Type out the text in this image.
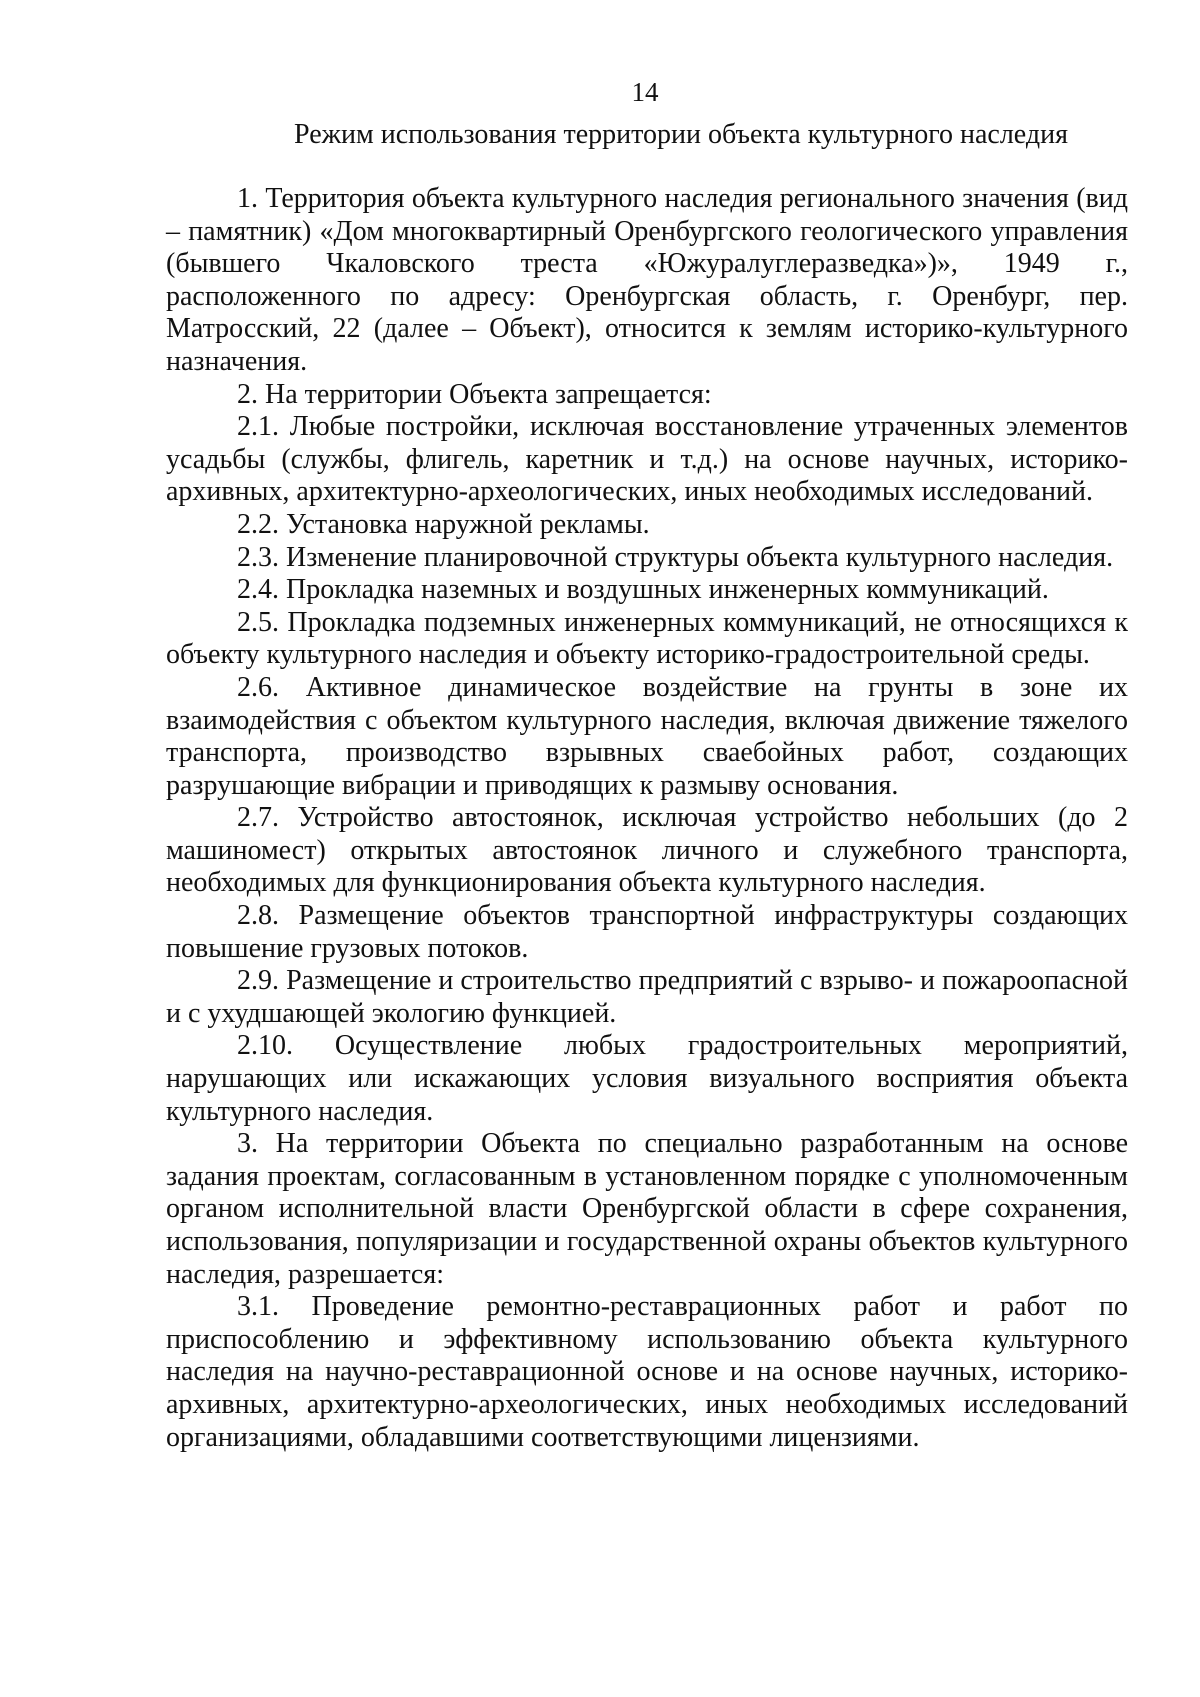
14
Режим использования территории объекта культурного наследия

1. Территория объекта культурного наследия регионального значения (вид – памятник) «Дом многоквартирный Оренбургского геологического управления (бывшего Чкаловского треста «Южуралуглеразведка»)», 1949 г., расположенного по адресу: Оренбургская область, г. Оренбург, пер. Матросский, 22 (далее – Объект), относится к землям историко-культурного назначения.

2. На территории Объекта запрещается:

2.1. Любые постройки, исключая восстановление утраченных элементов усадьбы (службы, флигель, каретник и т.д.) на основе научных, историко-архивных, архитектурно-археологических, иных необходимых исследований.

2.2. Установка наружной рекламы.

2.3. Изменение планировочной структуры объекта культурного наследия.

2.4. Прокладка наземных и воздушных инженерных коммуникаций.

2.5. Прокладка подземных инженерных коммуникаций, не относящихся к объекту культурного наследия и объекту историко-градостроительной среды.

2.6. Активное динамическое воздействие на грунты в зоне их взаимодействия с объектом культурного наследия, включая движение тяжелого транспорта, производство взрывных сваебойных работ, создающих разрушающие вибрации и приводящих к размыву основания.

2.7. Устройство автостоянок, исключая устройство небольших (до 2 машиномест) открытых автостоянок личного и служебного транспорта, необходимых для функционирования объекта культурного наследия.

2.8. Размещение объектов транспортной инфраструктуры создающих повышение грузовых потоков.

2.9. Размещение и строительство предприятий с взрыво- и пожароопасной и с ухудшающей экологию функцией.

2.10. Осуществление любых градостроительных мероприятий, нарушающих или искажающих условия визуального восприятия объекта культурного наследия.

3. На территории Объекта по специально разработанным на основе задания проектам, согласованным в установленном порядке с уполномоченным органом исполнительной власти Оренбургской области в сфере сохранения, использования, популяризации и государственной охраны объектов культурного наследия, разрешается:

3.1. Проведение ремонтно-реставрационных работ и работ по приспособлению и эффективному использованию объекта культурного наследия на научно-реставрационной основе и на основе научных, историко-архивных, архитектурно-археологических, иных необходимых исследований организациями, обладавшими соответствующими лицензиями.
